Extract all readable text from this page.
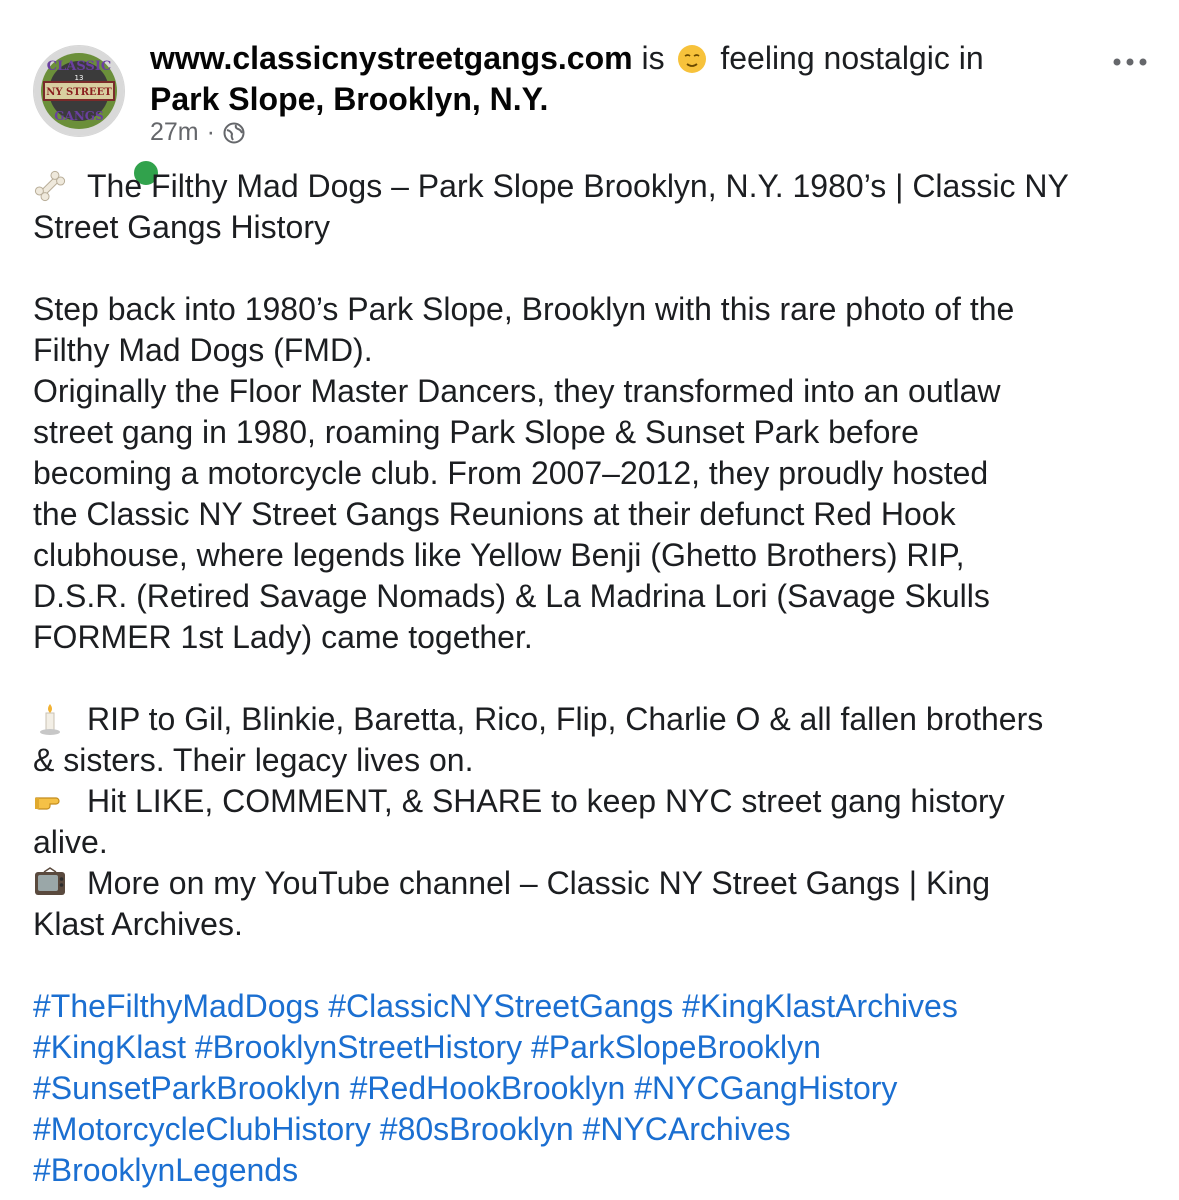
CLASSIC
NY STREET
GANGS
13
www.classicnystreetgangs.com is feeling nostalgic in
Park Slope, Brooklyn, N.Y.
27m ·
The Filthy Mad Dogs – Park Slope Brooklyn, N.Y. 1980’s | Classic NY
Street Gangs History
Step back into 1980’s Park Slope, Brooklyn with this rare photo of the
Filthy Mad Dogs (FMD).
Originally the Floor Master Dancers, they transformed into an outlaw
street gang in 1980, roaming Park Slope & Sunset Park before
becoming a motorcycle club. From 2007–2012, they proudly hosted
the Classic NY Street Gangs Reunions at their defunct Red Hook
clubhouse, where legends like Yellow Benji (Ghetto Brothers) RIP,
D.S.R. (Retired Savage Nomads) & La Madrina Lori (Savage Skulls
FORMER 1st Lady) came together.
RIP to Gil, Blinkie, Baretta, Rico, Flip, Charlie O & all fallen brothers
& sisters. Their legacy lives on.
Hit LIKE, COMMENT, & SHARE to keep NYC street gang history
alive.
More on my YouTube channel – Classic NY Street Gangs | King
Klast Archives.
#TheFilthyMadDogs #ClassicNYStreetGangs #KingKlastArchives
#KingKlast #BrooklynStreetHistory #ParkSlopeBrooklyn
#SunsetParkBrooklyn #RedHookBrooklyn #NYCGangHistory
#MotorcycleClubHistory #80sBrooklyn #NYCArchives
#BrooklynLegends
